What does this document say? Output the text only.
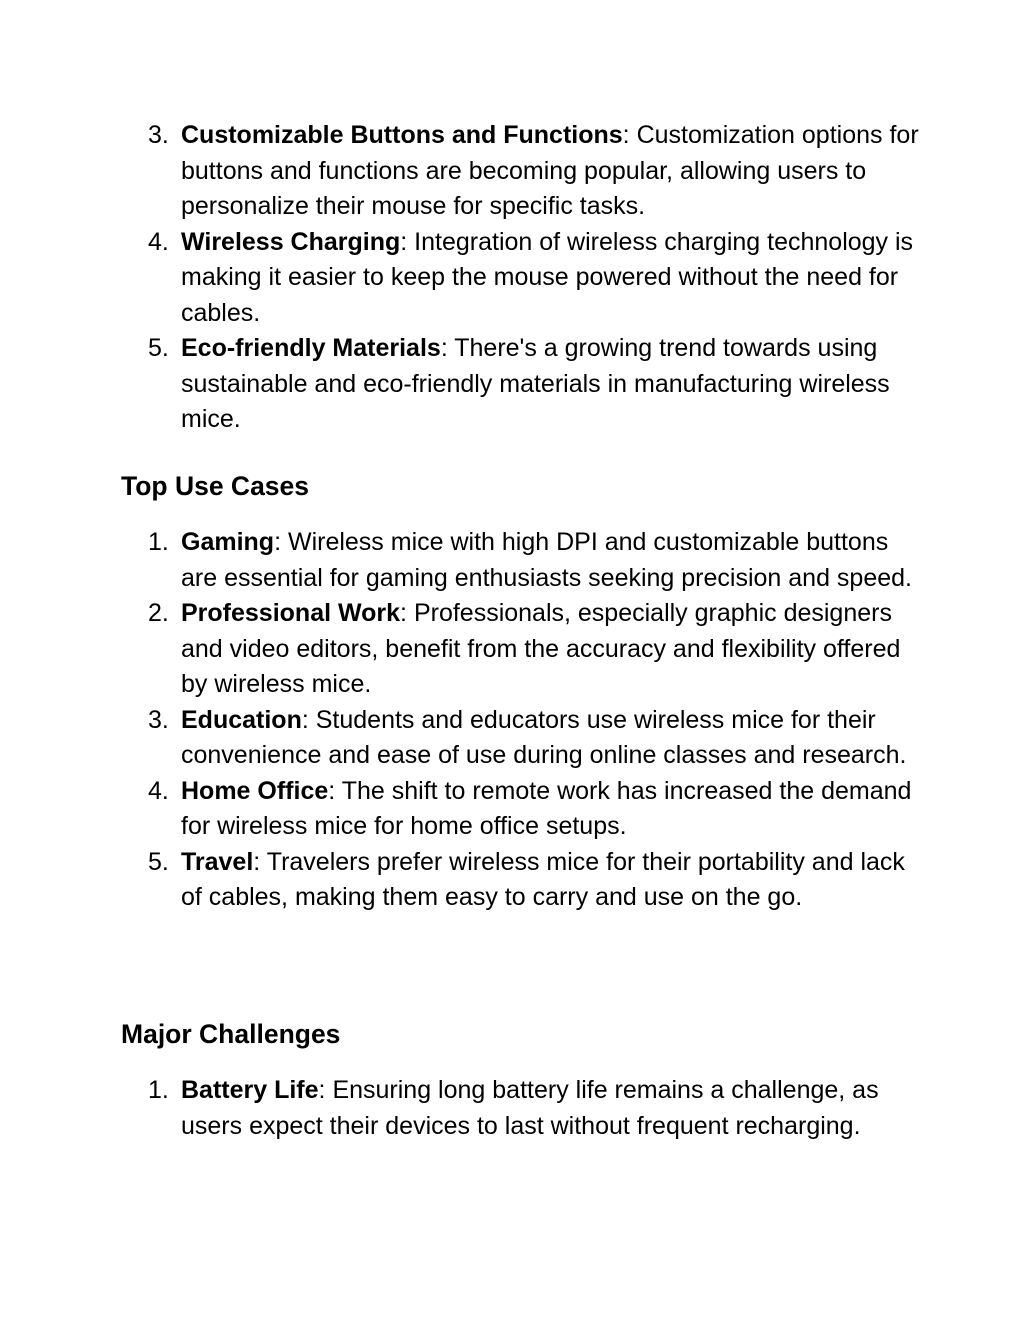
3. Customizable Buttons and Functions: Customization options for buttons and functions are becoming popular, allowing users to personalize their mouse for specific tasks.
4. Wireless Charging: Integration of wireless charging technology is making it easier to keep the mouse powered without the need for cables.
5. Eco-friendly Materials: There's a growing trend towards using sustainable and eco-friendly materials in manufacturing wireless mice.
Top Use Cases
1. Gaming: Wireless mice with high DPI and customizable buttons are essential for gaming enthusiasts seeking precision and speed.
2. Professional Work: Professionals, especially graphic designers and video editors, benefit from the accuracy and flexibility offered by wireless mice.
3. Education: Students and educators use wireless mice for their convenience and ease of use during online classes and research.
4. Home Office: The shift to remote work has increased the demand for wireless mice for home office setups.
5. Travel: Travelers prefer wireless mice for their portability and lack of cables, making them easy to carry and use on the go.
Major Challenges
1. Battery Life: Ensuring long battery life remains a challenge, as users expect their devices to last without frequent recharging.
